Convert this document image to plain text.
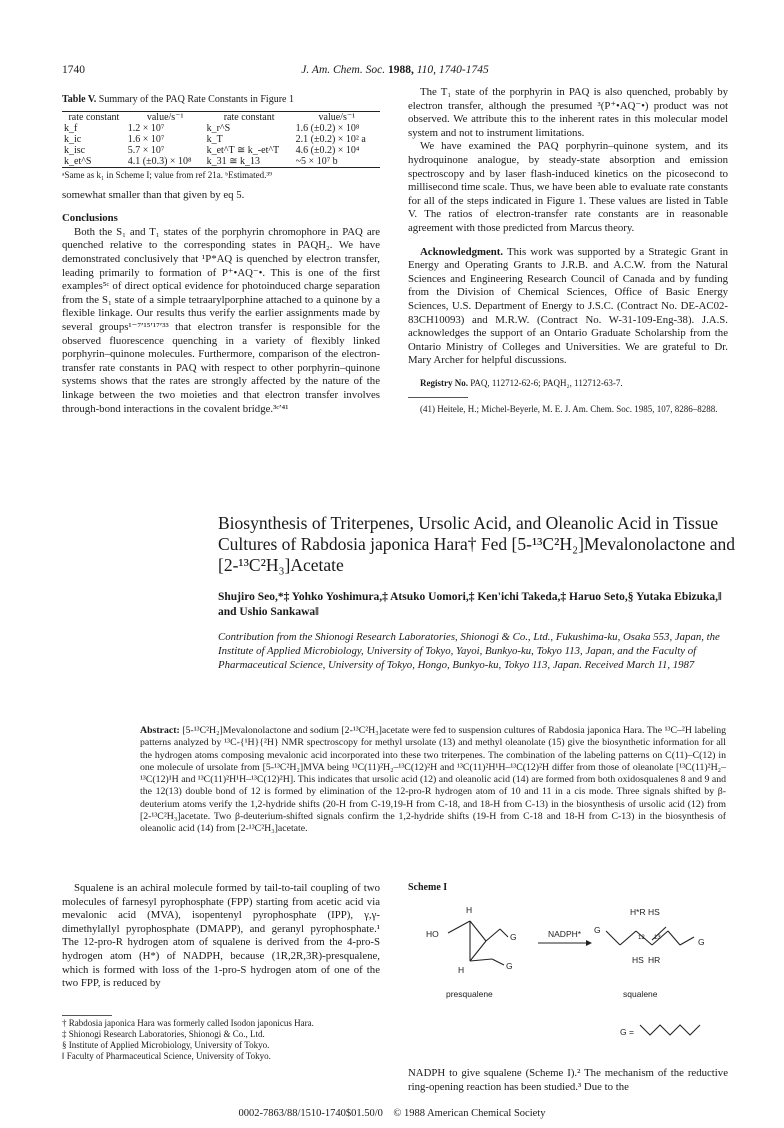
1740	J. Am. Chem. Soc. 1988, 110, 1740-1745
Table V. Summary of the PAQ Rate Constants in Figure 1
rate constant	value/s⁻¹	rate constant	value/s⁻¹
k_f	1.2 × 10⁷	k_r^S	1.6 (±0.2) × 10⁸
k_ic	1.6 × 10⁷	k_T	2.1 (±0.2) × 10² a
k_isc	5.7 × 10⁷	k_et^T ≅ k_-et^T	4.6 (±0.2) × 10⁴
k_et^S	4.1 (±0.3) × 10⁸	k_31 ≅ k_13	~5 × 10⁷ b
ᵃSame as k₁ in Scheme I; value from ref 21a. ᵇEstimated.³⁹

somewhat smaller than that given by eq 5.

Conclusions

Both the S₁ and T₁ states of the porphyrin chromophore in PAQ are quenched relative to the corresponding states in PAQH₂. We have demonstrated conclusively that ¹P*AQ is quenched by electron transfer, leading primarily to formation of P⁺•AQ⁻•. This is one of the first examples⁵ᶜ of direct optical evidence for photoinduced charge separation from the S₁ state of a simple tetraarylporphine attached to a quinone by a flexible linkage. Our results thus verify the earlier assignments made by several groups¹⁻⁷ʹ¹⁵ʹ¹⁷ʹ³³ that electron transfer is responsible for the observed fluorescence quenching in a variety of flexibly linked porphyrin–quinone molecules. Furthermore, comparison of the electron-transfer rate constants in PAQ with respect to other porphyrin–quinone systems shows that the rates are strongly affected by the nature of the linkage between the two moieties and that electron transfer involves through-bond interactions in the covalent bridge.³ᶜʹ⁴¹

The T₁ state of the porphyrin in PAQ is also quenched, probably by electron transfer, although the presumed ³(P⁺•AQ⁻•) product was not observed. We attribute this to the inherent rates in this molecular model system and not to instrument limitations.

We have examined the PAQ porphyrin–quinone system, and its hydroquinone analogue, by steady-state absorption and emission spectroscopy and by laser flash-induced kinetics on the picosecond to millisecond time scale. Thus, we have been able to evaluate rate constants for all of the steps indicated in Figure 1. These values are listed in Table V. The ratios of electron-transfer rate constants are in reasonable agreement with those predicted from Marcus theory.

Acknowledgment. This work was supported by a Strategic Grant in Energy and Operating Grants to J.R.B. and A.C.W. from the Natural Sciences and Engineering Research Council of Canada and by funding from the Division of Chemical Sciences, Office of Basic Energy Sciences, U.S. Department of Energy to J.S.C. (Contract No. DE-AC02-83CH10093) and M.R.W. (Contract No. W-31-109-Eng-38). J.A.S. acknowledges the support of an Ontario Graduate Scholarship from the Ontario Ministry of Colleges and Universities. We are grateful to Dr. Mary Archer for helpful discussions.

Registry No. PAQ, 112712-62-6; PAQH₂, 112712-63-7.

(41) Heitele, H.; Michel-Beyerle, M. E. J. Am. Chem. Soc. 1985, 107, 8286–8288.

Biosynthesis of Triterpenes, Ursolic Acid, and Oleanolic Acid in Tissue Cultures of Rabdosia japonica Hara† Fed [5-¹³C²H₂]Mevalonolactone and [2-¹³C²H₃]Acetate
Shujiro Seo,*‡ Yohko Yoshimura,‡ Atsuko Uomori,‡ Ken'ichi Takeda,‡ Haruo Seto,§ Yutaka Ebizuka,‖ and Ushio Sankawa‖
Contribution from the Shionogi Research Laboratories, Shionogi & Co., Ltd., Fukushima-ku, Osaka 553, Japan, the Institute of Applied Microbiology, University of Tokyo, Yayoi, Bunkyo-ku, Tokyo 113, Japan, and the Faculty of Pharmaceutical Science, University of Tokyo, Hongo, Bunkyo-ku, Tokyo 113, Japan. Received March 11, 1987
Abstract: [5-¹³C²H₂]Mevalonolactone and sodium [2-¹³C²H₃]acetate were fed to suspension cultures of Rabdosia japonica Hara. The ¹³C–²H labeling patterns analyzed by ¹³C-{¹H}{²H} NMR spectroscopy for methyl ursolate (13) and methyl oleanolate (15) give the biosynthetic information for all the hydrogen atoms composing mevalonic acid incorporated into these two triterpenes. The combination of the labeling patterns on C(11)–C(12) in one molecule of ursolate from [5-¹³C²H₂]MVA being ¹³C(11)²H₂–¹³C(12)²H and ¹³C(11)²H¹H–¹³C(12)²H differ from those of oleanolate [¹³C(11)²H₂–¹³C(12)¹H and ¹³C(11)²H¹H–¹³C(12)²H]. This indicates that ursolic acid (12) and oleanolic acid (14) are formed from both oxidosqualenes 8 and 9 and the 12(13) double bond of 12 is formed by elimination of the 12-pro-R hydrogen atom of 10 and 11 in a cis mode. Three signals shifted by β-deuterium atoms verify the 1,2-hydride shifts (20-H from C-19,19-H from C-18, and 18-H from C-13) in the biosynthesis of ursolic acid (12) from [2-¹³C²H₃]acetate. Two β-deuterium-shifted signals confirm the 1,2-hydride shifts (19-H from C-18 and 18-H from C-13) in the biosynthesis of oleanolic acid (14) from [2-¹³C²H₃]acetate.

Squalene is an achiral molecule formed by tail-to-tail coupling of two molecules of farnesyl pyrophosphate (FPP) starting from acetic acid via mevalonic acid (MVA), isopentenyl pyrophosphate (IPP), γ,γ-dimethylallyl pyrophosphate (DMAPP), and geranyl pyrophosphate.¹ The 12-pro-R hydrogen atom of squalene is derived from the 4-pro-S hydrogen atom (H*) of NADPH, because (1R,2R,3R)-presqualene, which is formed with loss of the 1-pro-S hydrogen atom of one of the two FPP, is reduced by

† Rabdosia japonica Hara was formerly called Isodon japonicus Hara.
‡ Shionogi Research Laboratories, Shionogi & Co., Ltd.
§ Institute of Applied Microbiology, University of Tokyo.
‖ Faculty of Pharmaceutical Science, University of Tokyo.
Scheme I
HO
H
G
G
H
presqualene
NADPH* G
G
H*R HS
HS HR
12 13
squalene
G =
NADPH to give squalene (Scheme I).² The mechanism of the reductive ring-opening reaction has been studied.³ Due to the
0002-7863/88/1510-1740$01.50/0 © 1988 American Chemical Society
